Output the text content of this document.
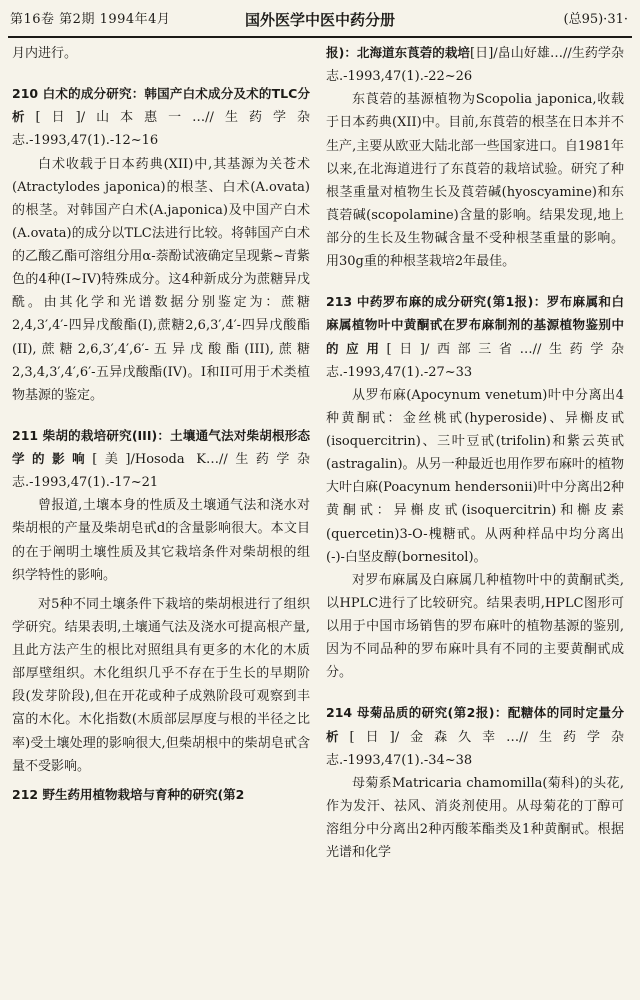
第16卷 第2期 1994年4月	国外医学中医中药分册	(总95)·31·

月内进行。

210 白术的成分研究：韩国产白术成分及术的TLC分析[日]/山本惠一…//生药学杂志.-1993,47(1).-12~16

白术收载于日本药典(XII)中,其基源为关苍术(Atractylodes japonica)的根茎、白术(A.ovata)的根茎。对韩国产白术(A.japonica)及中国产白术(A.ovata)的成分以TLC法进行比较。将韩国产白术的乙酸乙酯可溶组分用α-萘酚试液确定呈现紫~青紫色的4种(I~IV)特殊成分。这4种新成分为蔗糖异戊酰。由其化学和光谱数据分别鉴定为：蔗糖2,4,3′,4′-四异戊酸酯(I),蔗糖2,6,3′,4′-四异戊酸酯(II),蔗糖2,6,3′,4′,6′-五异戊酸酯(III),蔗糖2,3,4,3′,4′,6′-五异戊酸酯(IV)。I和II可用于术类植物基源的鉴定。

211 柴胡的栽培研究(III)：土壤通气法对柴胡根形态学的影响[美]/Hosoda K…//生药学杂志.-1993,47(1).-17~21

曾报道,土壤本身的性质及土壤通气法和浇水对柴胡根的产量及柴胡皂甙d的含量影响很大。本文目的在于阐明土壤性质及其它栽培条件对柴胡根的组织学特性的影响。

对5种不同土壤条件下栽培的柴胡根进行了组织学研究。结果表明,土壤通气法及浇水可提高根产量,且此方法产生的根比对照组具有更多的木化的木质部厚壁组织。木化组织几乎不存在于生长的早期阶段(发芽阶段),但在开花或种子成熟阶段可观察到丰富的木化。木化指数(木质部层厚度与根的半径之比率)受土壤处理的影响很大,但柴胡根中的柴胡皂甙含量不受影响。

212 野生药用植物栽培与育种的研究(第2

报)：北海道东莨菪的栽培[日]/畠山好雄…//生药学杂志.-1993,47(1).-22~26

东莨菪的基源植物为Scopolia japonica,收载于日本药典(XII)中。目前,东莨菪的根茎在日本并不生产,主要从欧亚大陆北部一些国家进口。自1981年以来,在北海道进行了东莨菪的栽培试验。研究了种根茎重量对植物生长及莨菪碱(hyoscyamine)和东莨菪碱(scopolamine)含量的影响。结果发现,地上部分的生长及生物碱含量不受种根茎重量的影响。用30g重的种根茎栽培2年最佳。

213 中药罗布麻的成分研究(第1报)：罗布麻属和白麻属植物叶中黄酮甙在罗布麻制剂的基源植物鉴别中的应用[日]/西部三省…//生药学杂志.-1993,47(1).-27~33

从罗布麻(Apocynum venetum)叶中分离出4种黄酮甙：金丝桃甙(hyperoside)、异槲皮甙(isoquercitrin)、三叶豆甙(trifolin)和紫云英甙(astragalin)。从另一种最近也用作罗布麻叶的植物大叶白麻(Poacynum hendersonii)叶中分离出2种黄酮甙：异槲皮甙(isoquercitrin)和槲皮素(quercetin)3-O-槐糖甙。从两种样品中均分离出(-)-白坚皮醇(bornesitol)。

对罗布麻属及白麻属几种植物叶中的黄酮甙类,以HPLC进行了比较研究。结果表明,HPLC图形可以用于中国市场销售的罗布麻叶的植物基源的鉴别,因为不同品种的罗布麻叶具有不同的主要黄酮甙成分。

214 母菊品质的研究(第2报)：配糖体的同时定量分析[日]/金森久幸…//生药学杂志.-1993,47(1).-34~38

母菊系Matricaria chamomilla(菊科)的头花,作为发汗、祛风、消炎剂使用。从母菊花的丁醇可溶组分中分离出2种丙酸苯酯类及1种黄酮甙。根据光谱和化学
